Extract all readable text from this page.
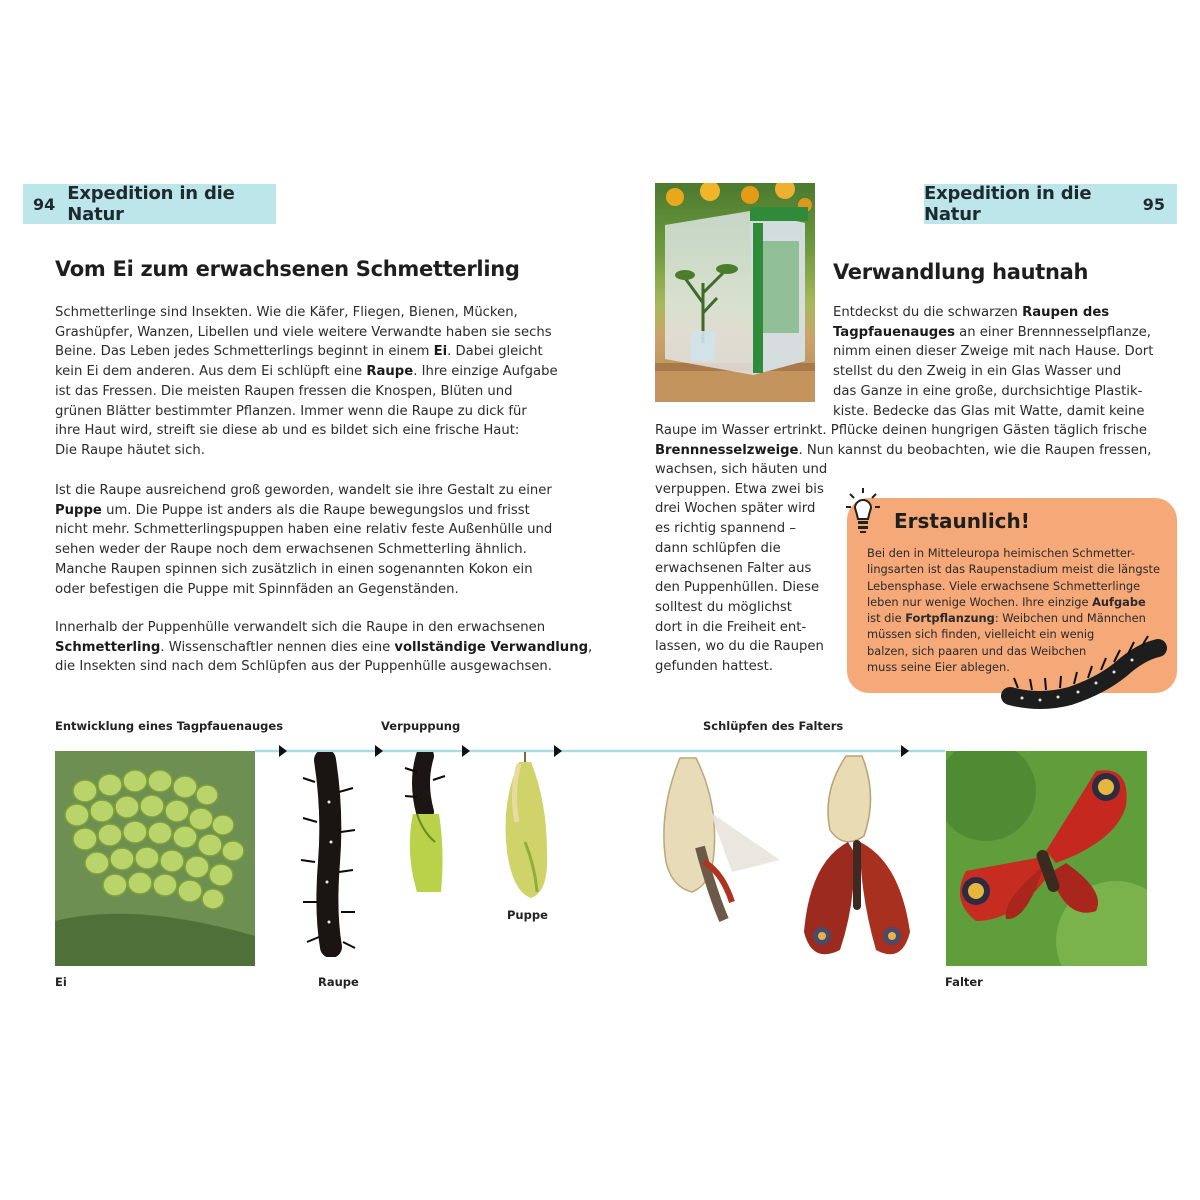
94 Expedition in die Natur
Expedition in die Natur	95
Vom Ei zum erwachsenen Schmetterling	Verwandlung hautnah
Schmetterlinge sind Insekten. Wie die Käfer, Fliegen, Bienen, Mücken,
Grashüpfer, Wanzen, Libellen und viele weitere Verwandte haben sie sechs
Beine. Das Leben jedes Schmetterlings beginnt in einem Ei. Dabei gleicht
kein Ei dem anderen. Aus dem Ei schlüpft eine Raupe. Ihre einzige Aufgabe
ist das Fressen. Die meisten Raupen fressen die Knospen, Blüten und
grünen Blätter bestimmter Pflanzen. Immer wenn die Raupe zu dick für
ihre Haut wird, streift sie diese ab und es bildet sich eine frische Haut:
Die Raupe häutet sich.
Ist die Raupe ausreichend groß geworden, wandelt sie ihre Gestalt zu einer
Puppe um. Die Puppe ist anders als die Raupe bewegungslos und frisst
nicht mehr. Schmetterlingspuppen haben eine relativ feste Außenhülle und
sehen weder der Raupe noch dem erwachsenen Schmetterling ähnlich.
Manche Raupen spinnen sich zusätzlich in einen sogenannten Kokon ein
oder befestigen die Puppe mit Spinnfäden an Gegenständen.
Innerhalb der Puppenhülle verwandelt sich die Raupe in den erwachsenen
Schmetterling. Wissenschaftler nennen dies eine vollständige Verwandlung,
die Insekten sind nach dem Schlüpfen aus der Puppenhülle ausgewachsen.
Entdeckst du die schwarzen Raupen des
Tagpfauenauges an einer Brennnesselpflanze,
nimm einen dieser Zweige mit nach Hause. Dort
stellst du den Zweig in ein Glas Wasser und
das Ganze in eine große, durchsichtige Plastik-
kiste. Bedecke das Glas mit Watte, damit keine
Raupe im Wasser ertrinkt. Pflücke deinen hungrigen Gästen täglich frische
Brennnesselzweige. Nun kannst du beobachten, wie die Raupen fressen,
wachsen, sich häuten und
verpuppen. Etwa zwei bis
drei Wochen später wird
es richtig spannend –
dann schlüpfen die
erwachsenen Falter aus
den Puppenhüllen. Diese
solltest du möglichst
dort in die Freiheit ent-
lassen, wo du die Raupen
gefunden hattest.
Erstaunlich!
Bei den in Mitteleuropa heimischen Schmetter-
lingsarten ist das Raupenstadium meist die längste
Lebensphase. Viele erwachsene Schmetterlinge
leben nur wenige Wochen. Ihre einzige Aufgabe
ist die Fortpflanzung: Weibchen und Männchen
müssen sich finden, vielleicht ein wenig
balzen, sich paaren und das Weibchen
muss seine Eier ablegen.
Entwicklung eines Tagpfauenauges	Verpuppung	Schlüpfen des Falters
Puppe
Ei	Raupe	Falter
